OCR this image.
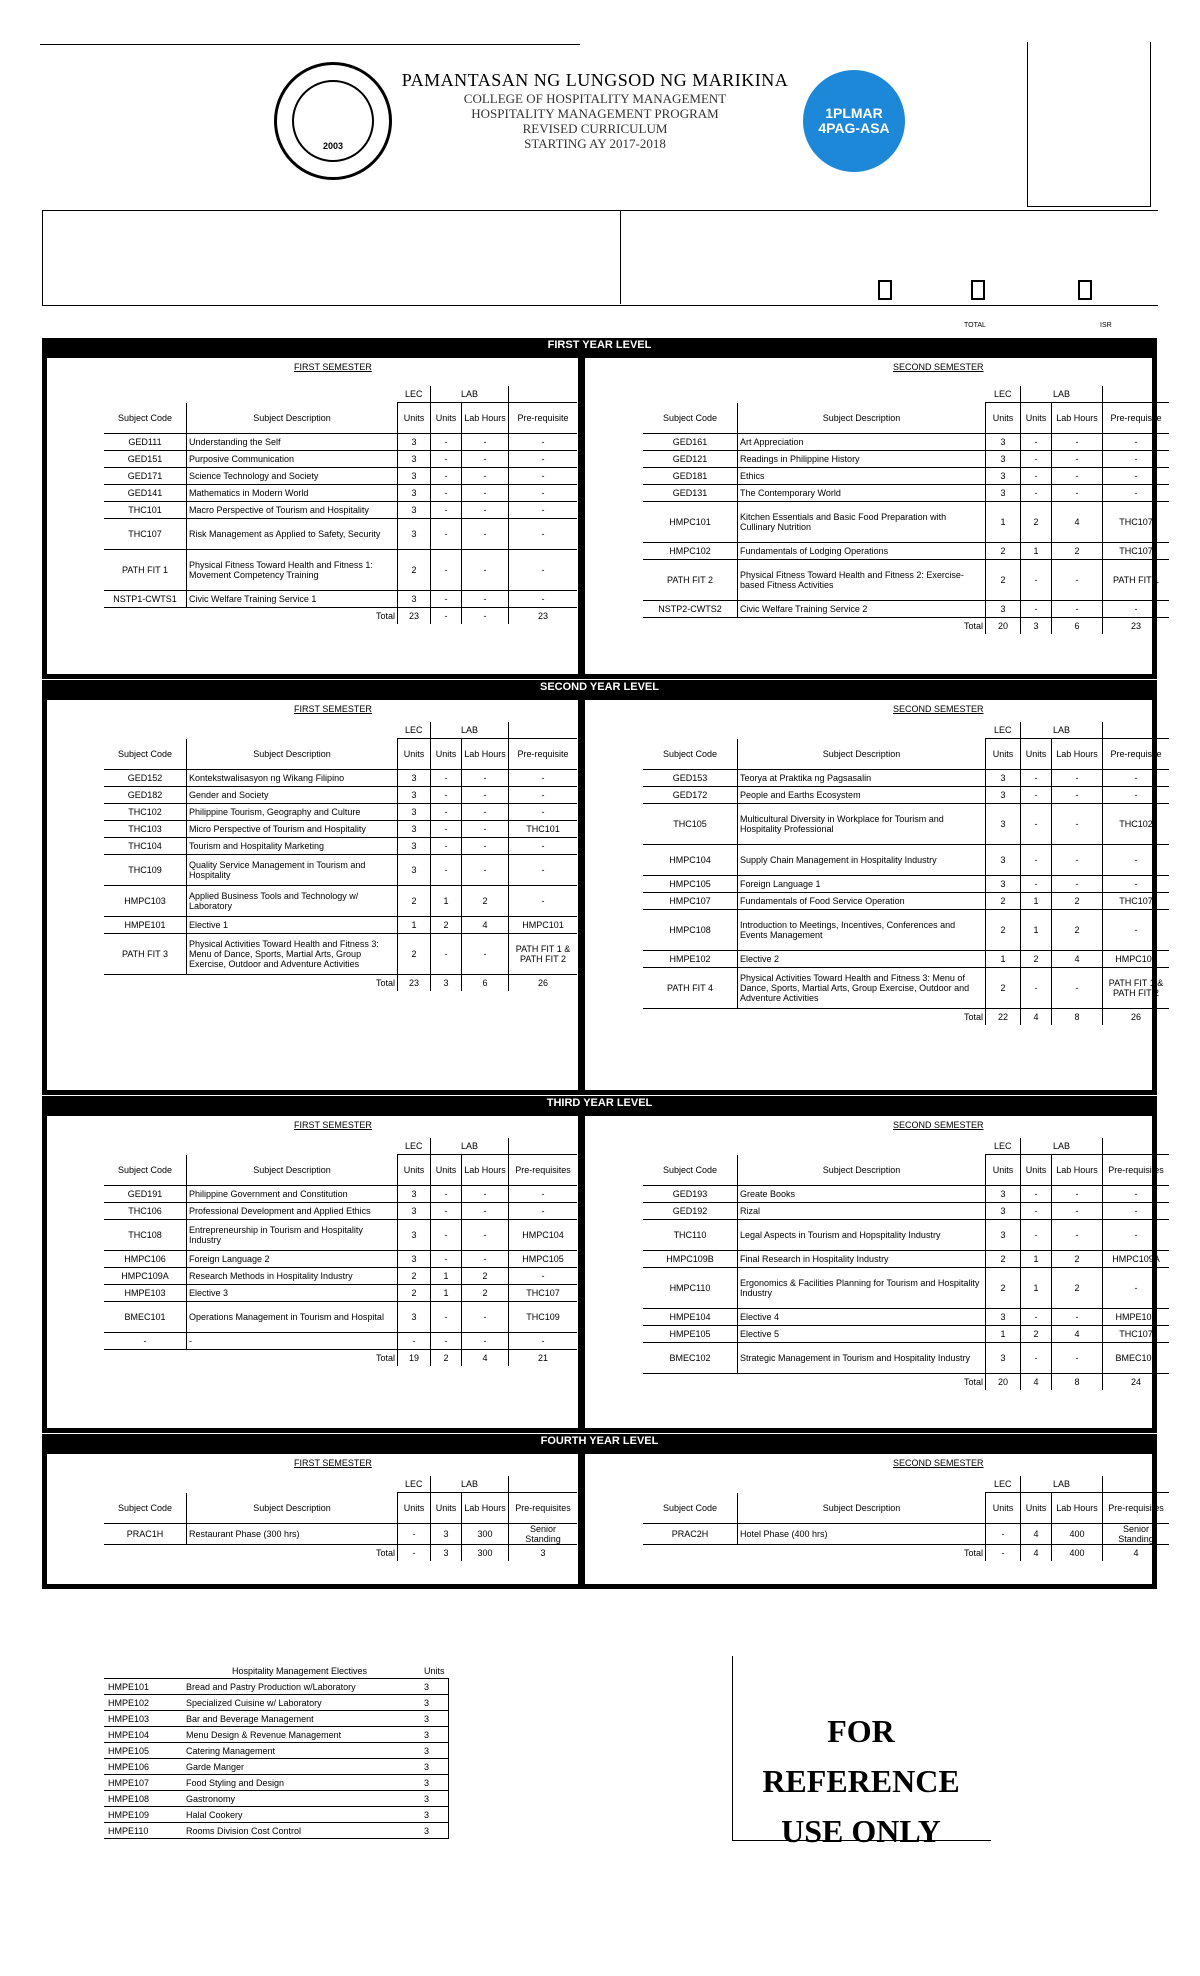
2003
PAMANTASAN NG LUNGSOD NG MARIKINA
COLLEGE OF HOSPITALITY MANAGEMENT
HOSPITALITY MANAGEMENT PROGRAM
REVISED CURRICULUM
STARTING AY 2017-2018
1PLMAR
4PAG-ASA
TOTAL	ISR
FIRST YEAR LEVEL
FIRST SEMESTER
		LEC	LAB		
Subject Code	Subject Description	Units	Units	Lab Hours	Pre-requisite
GED111	Understanding the Self	3	-	-	-
GED151	Purposive Communication	3	-	-	-
GED171	Science Technology and Society	3	-	-	-
GED141	Mathematics in Modern World	3	-	-	-
THC101	Macro Perspective of Tourism and Hospitality	3	-	-	-
THC107	Risk Management as Applied to Safety, Security	3	-	-	-
PATH FIT 1	Physical Fitness Toward Health and Fitness 1: Movement Competency Training	2	-	-	-
NSTP1-CWTS1	Civic Welfare Training Service 1	3	-	-	-
	Total	23	-	-	23
SECOND SEMESTER
		LEC	LAB		
Subject Code	Subject Description	Units	Units	Lab Hours	Pre-requisite
GED161	Art Appreciation	3	-	-	-
GED121	Readings in Philippine History	3	-	-	-
GED181	Ethics	3	-	-	-
GED131	The Contemporary World	3	-	-	-
HMPC101	Kitchen Essentials and Basic Food Preparation with Cullinary Nutrition	1	2	4	THC107
HMPC102	Fundamentals of Lodging Operations	2	1	2	THC107
PATH FIT 2	Physical Fitness Toward Health and Fitness 2: Exercise-based Fitness Activities	2	-	-	PATH FIT 1
NSTP2-CWTS2	Civic Welfare Training Service 2	3	-	-	-
	Total	20	3	6	23
SECOND YEAR LEVEL
FIRST SEMESTER
		LEC	LAB		
Subject Code	Subject Description	Units	Units	Lab Hours	Pre-requisite
GED152	Kontekstwalisasyon ng Wikang Filipino	3	-	-	-
GED182	Gender and Society	3	-	-	-
THC102	Philippine Tourism, Geography and Culture	3	-	-	-
THC103	Micro Perspective of Tourism and Hospitality	3	-	-	THC101
THC104	Tourism and Hospitality Marketing	3	-	-	-
THC109	Quality Service Management in Tourism and Hospitality	3	-	-	-
HMPC103	Applied Business Tools and Technology w/ Laboratory	2	1	2	-
HMPE101	Elective 1	1	2	4	HMPC101
PATH FIT 3	Physical Activities Toward Health and Fitness 3: Menu of Dance, Sports, Martial Arts, Group Exercise, Outdoor and Adventure Activities	2	-	-	PATH FIT 1 & PATH FIT 2
	Total	23	3	6	26
SECOND SEMESTER
		LEC	LAB		
Subject Code	Subject Description	Units	Units	Lab Hours	Pre-requisite
GED153	Teorya at Praktika ng Pagsasalin	3	-	-	-
GED172	People and Earths Ecosystem	3	-	-	-
THC105	Multicultural Diversity in Workplace for Tourism and Hospitality Professional	3	-	-	THC102
HMPC104	Supply Chain Management in Hospitality Industry	3	-	-	-
HMPC105	Foreign Language 1	3	-	-	-
HMPC107	Fundamentals of Food Service Operation	2	1	2	THC107
HMPC108	Introduction to Meetings, Incentives, Conferences and Events Management	2	1	2	-
HMPE102	Elective 2	1	2	4	HMPC101
PATH FIT 4	Physical Activities Toward Health and Fitness 3: Menu of Dance, Sports, Martial Arts, Group Exercise, Outdoor and Adventure Activities	2	-	-	PATH FIT 1 & PATH FIT 2
	Total	22	4	8	26
THIRD YEAR LEVEL
FIRST SEMESTER
		LEC	LAB		
Subject Code	Subject Description	Units	Units	Lab Hours	Pre-requisites
GED191	Philippine Government and Constitution	3	-	-	-
THC106	Professional Development and Applied Ethics	3	-	-	-
THC108	Entrepreneurship in Tourism and Hospitality Industry	3	-	-	HMPC104
HMPC106	Foreign Language 2	3	-	-	HMPC105
HMPC109A	Research Methods in Hospitality Industry	2	1	2	-
HMPE103	Elective 3	2	1	2	THC107
BMEC101	Operations Management in Tourism and Hospital	3	-	-	THC109
-	-	-	-	-	-
	Total	19	2	4	21
SECOND SEMESTER
		LEC	LAB		
Subject Code	Subject Description	Units	Units	Lab Hours	Pre-requisites
GED193	Greate Books	3	-	-	-
GED192	Rizal	3	-	-	-
THC110	Legal Aspects in Tourism and Hopspitality Industry	3	-	-	-
HMPC109B	Final Research in Hospitality Industry	2	1	2	HMPC109A
HMPC110	Ergonomics & Facilities Planning for Tourism and Hospitality Industry	2	1	2	-
HMPE104	Elective 4	3	-	-	HMPE103
HMPE105	Elective 5	1	2	4	THC107
BMEC102	Strategic Management in Tourism and Hospitality Industry	3	-	-	BMEC101
	Total	20	4	8	24
FOURTH YEAR LEVEL
FIRST SEMESTER
		LEC	LAB		
Subject Code	Subject Description	Units	Units	Lab Hours	Pre-requisites
PRAC1H	Restaurant Phase (300 hrs)	-	3	300	Senior Standing
	Total	-	3	300	3
SECOND SEMESTER
		LEC	LAB		
Subject Code	Subject Description	Units	Units	Lab Hours	Pre-requisites
PRAC2H	Hotel Phase (400 hrs)	-	4	400	Senior Standing
	Total	-	4	400	4
	Hospitality Management Electives	Units
HMPE101	Bread and Pastry Production w/Laboratory	3
HMPE102	Specialized Cuisine w/ Laboratory	3
HMPE103	Bar and Beverage Management	3
HMPE104	Menu Design & Revenue Management	3
HMPE105	Catering Management	3
HMPE106	Garde Manger	3
HMPE107	Food Styling and Design	3
HMPE108	Gastronomy	3
HMPE109	Halal Cookery	3
HMPE110	Rooms Division Cost Control	3
FOR REFERENCE
USE ONLY
